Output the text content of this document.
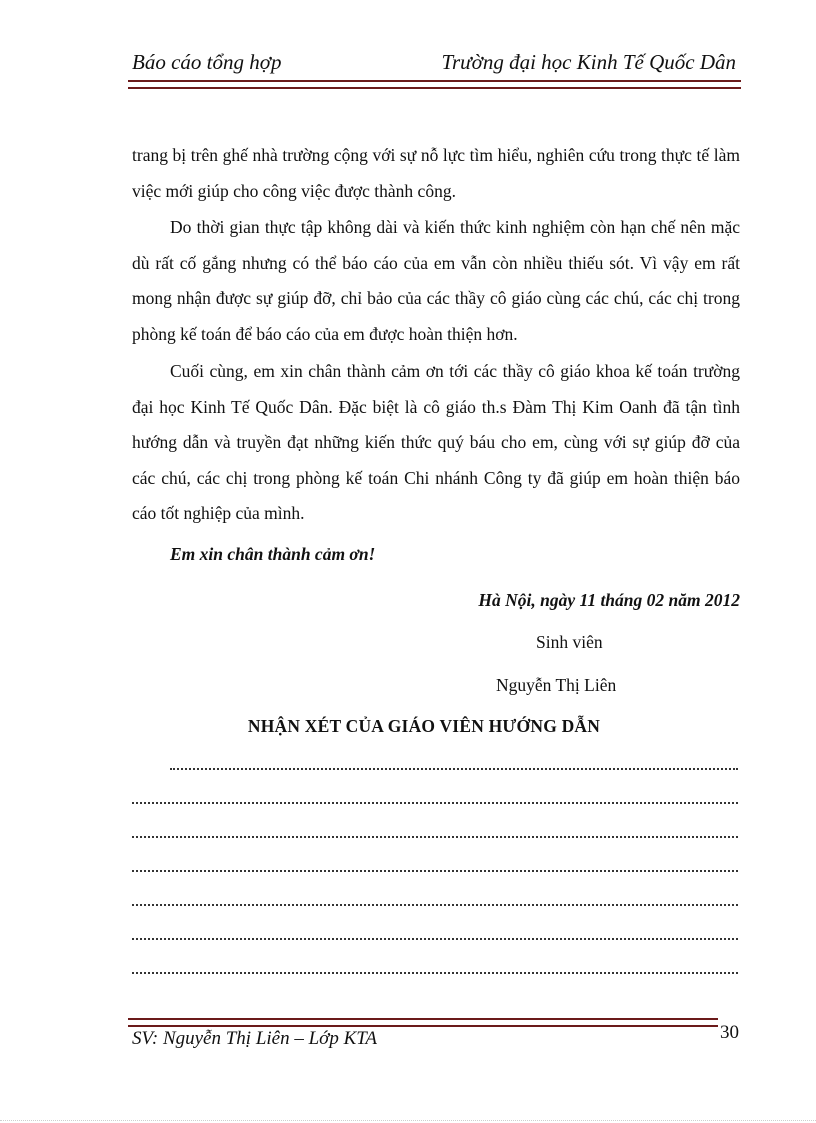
Báo cáo tổng hợp	Trường đại học Kinh Tế Quốc Dân

trang bị trên ghế nhà trường cộng với sự nỗ lực tìm hiểu, nghiên cứu trong thực tế làm việc mới giúp cho công việc được thành công.

Do thời gian thực tập không dài và kiến thức kinh nghiệm còn hạn chế nên mặc dù rất cố gắng nhưng có thể báo cáo của em vẫn còn nhiều thiếu sót. Vì vậy em rất mong nhận được sự giúp đỡ, chỉ bảo của các thầy cô giáo cùng các chú, các chị trong phòng kế toán để báo cáo của em được hoàn thiện hơn.

Cuối cùng, em xin chân thành cảm ơn tới các thầy cô giáo khoa kế toán trường đại học Kinh Tế Quốc Dân. Đặc biệt là cô giáo th.s Đàm Thị Kim Oanh đã tận tình hướng dẫn và truyền đạt những kiến thức quý báu cho em, cùng với sự giúp đỡ của các chú, các chị trong phòng kế toán Chi nhánh Công ty đã giúp em hoàn thiện báo cáo tốt nghiệp của mình.

Em xin chân thành cảm ơn!
Hà Nội, ngày 11 tháng 02 năm 2012
Sinh viên
Nguyễn Thị Liên
NHẬN XÉT CỦA GIÁO VIÊN HƯỚNG DẪN
SV: Nguyễn Thị Liên – Lớp KTA	30
